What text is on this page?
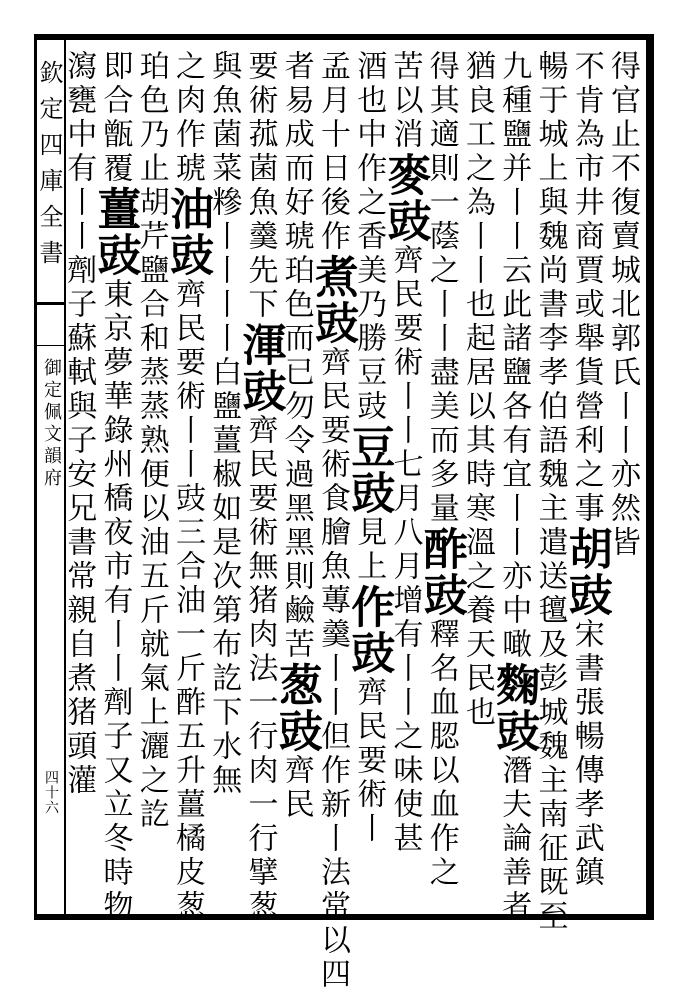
欽定四庫全書
御定佩文韻府
四十六
得官止不復賣城北郭氏丨丨亦然皆
不肯為市井商賈或舉貨營利之事胡豉宋書張暢傳孝武鎮
暢于城上與魏尚書李孝伯語魏主遣送氊及彭城魏主南征既至
九種鹽并丨丨云此諸鹽各有宜丨丨亦中噉麴豉潛夫論善者
猶良工之為丨丨也起居以其時寒溫之養天民也
得其適則一蔭之丨丨盡美而多量酢豉釋名血䏰以血作之
苦以消麥豉齊民要術丨丨七月八月增有丨丨之味使甚
酒也中作之香美乃勝豆豉豆豉見上作豉齊民要術丨
孟月十日後作煮豉齊民要術食膾魚蓴羹丨丨但作新丨法常以四
者易成而好琥珀色而已勿令過黑黑則鹼苦葱豉齊民
要術菰菌魚羹先下渾豉齊民要術無猪肉法一行肉一行擘葱
與魚菌菜糝丨丨丨丨白鹽薑椒如是次第布訖下水無
之肉作琥油豉齊民要術丨丨豉三合油一斤酢五升薑橘皮葱
珀色乃止胡芹鹽合和蒸蒸熟便以油五斤就氣上灑之訖
即合甑覆薑豉東京夢華錄州橋夜市有丨丨劑子又立冬時物
瀉甕中有丨丨劑子蘇軾與子安兄書常親自煮猪頭灌
